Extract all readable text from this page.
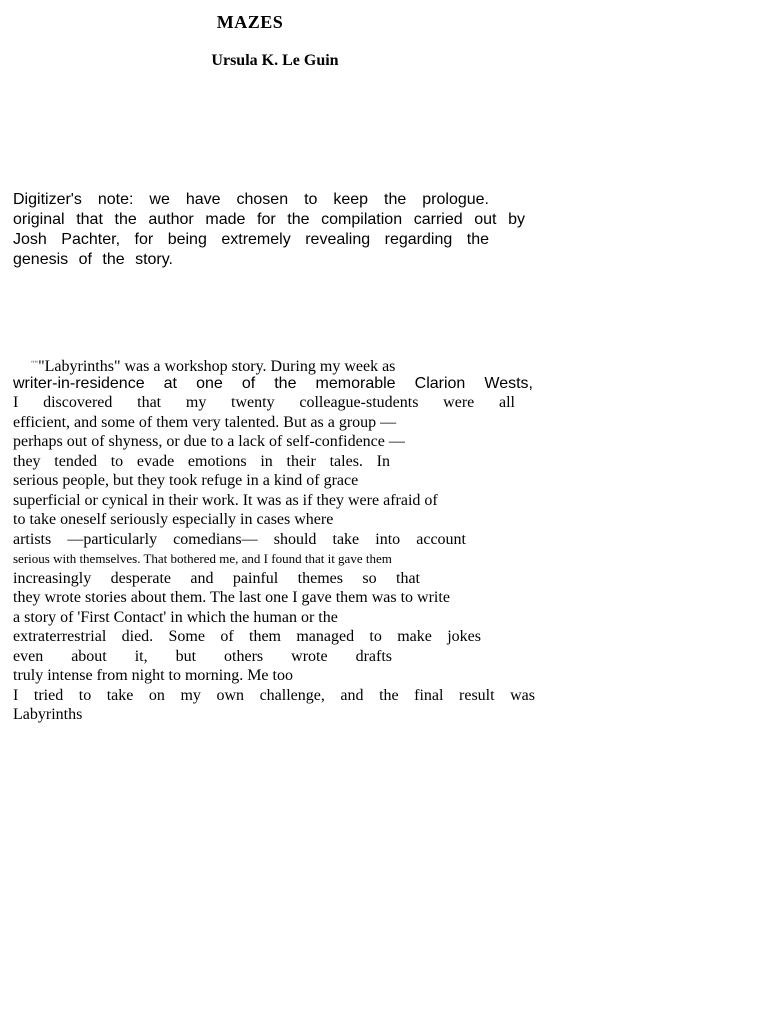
MAZES
Ursula K. Le Guin
Digitizer's note: we have chosen to keep the prologue.
original that the author made for the compilation carried out by
Josh Pachter, for being extremely revealing regarding the
genesis of the story.
““"Labyrinths" was a workshop story. During my week as
writer-in-residence at one of the memorable Clarion Wests,
I discovered that my twenty colleague-students were all
efficient, and some of them very talented. But as a group —
perhaps out of shyness, or due to a lack of self-confidence —
they tended to evade emotions in their tales. In
serious people, but they took refuge in a kind of grace
superficial or cynical in their work. It was as if they were afraid of
to take oneself seriously especially in cases where
artists —particularly comedians— should take into account
serious with themselves. That bothered me, and I found that it gave them
increasingly desperate and painful themes so that
they wrote stories about them. The last one I gave them was to write
a story of 'First Contact' in which the human or the
extraterrestrial died. Some of them managed to make jokes
even about it, but others wrote drafts
truly intense from night to morning. Me too
I tried to take on my own challenge, and the final result was
Labyrinths
